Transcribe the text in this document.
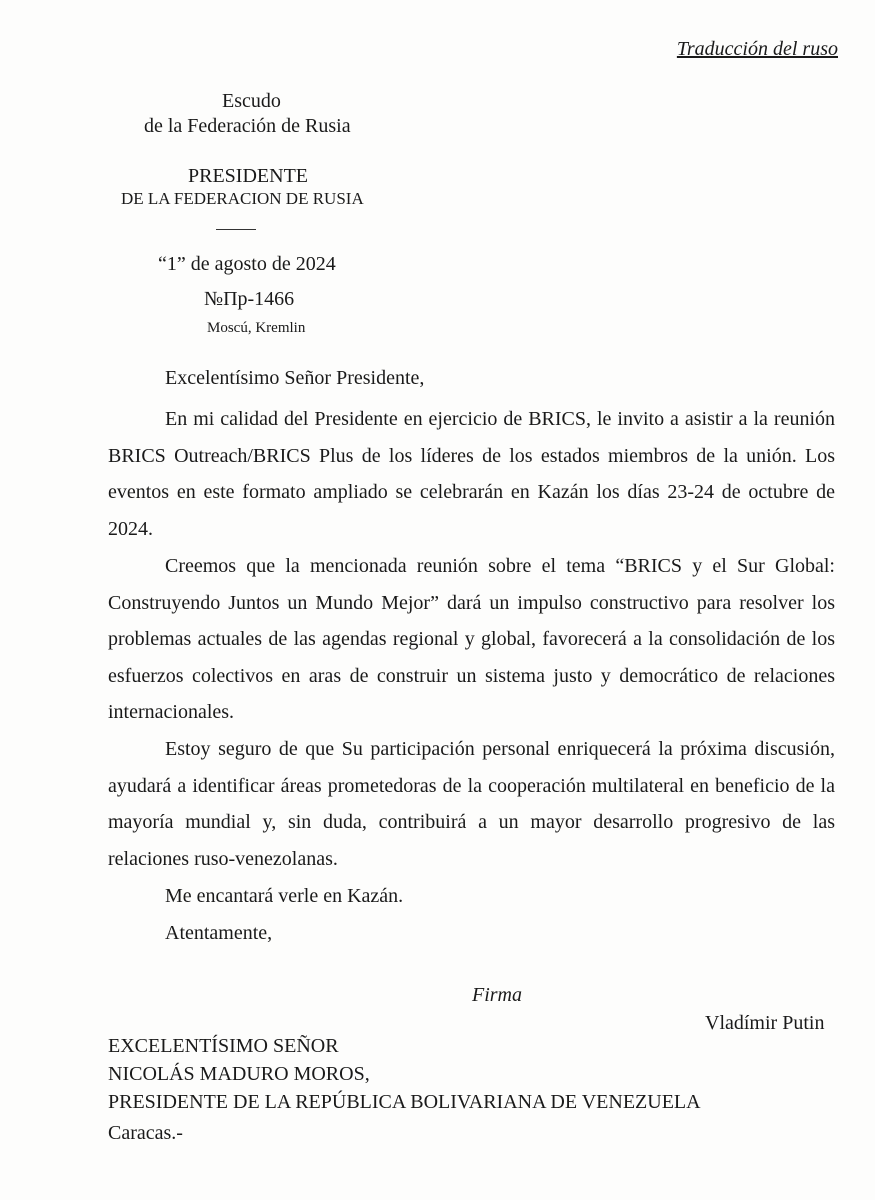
Traducción del ruso
Escudo
de la Federación de Rusia
PRESIDENTE
DE LA FEDERACION DE RUSIA
“1” de agosto de 2024
№Пр-1466
Moscú, Kremlin
Excelentísimo Señor Presidente,
En mi calidad del Presidente en ejercicio de BRICS, le invito a asistir a la reunión BRICS Outreach/BRICS Plus de los líderes de los estados miembros de la unión. Los eventos en este formato ampliado se celebrarán en Kazán los días 23-24 de octubre de 2024.
Creemos que la mencionada reunión sobre el tema “BRICS y el Sur Global: Construyendo Juntos un Mundo Mejor” dará un impulso constructivo para resolver los problemas actuales de las agendas regional y global, favorecerá a la consolidación de los esfuerzos colectivos en aras de construir un sistema justo y democrático de relaciones internacionales.
Estoy seguro de que Su participación personal enriquecerá la próxima discusión, ayudará a identificar áreas prometedoras de la cooperación multilateral en beneficio de la mayoría mundial y, sin duda, contribuirá a un mayor desarrollo progresivo de las relaciones ruso-venezolanas.
Me encantará verle en Kazán.
Atentamente,
Firma
Vladímir Putin
EXCELENTÍSIMO SEÑOR
NICOLÁS MADURO MOROS,
PRESIDENTE DE LA REPÚBLICA BOLIVARIANA DE VENEZUELA
Caracas.-
